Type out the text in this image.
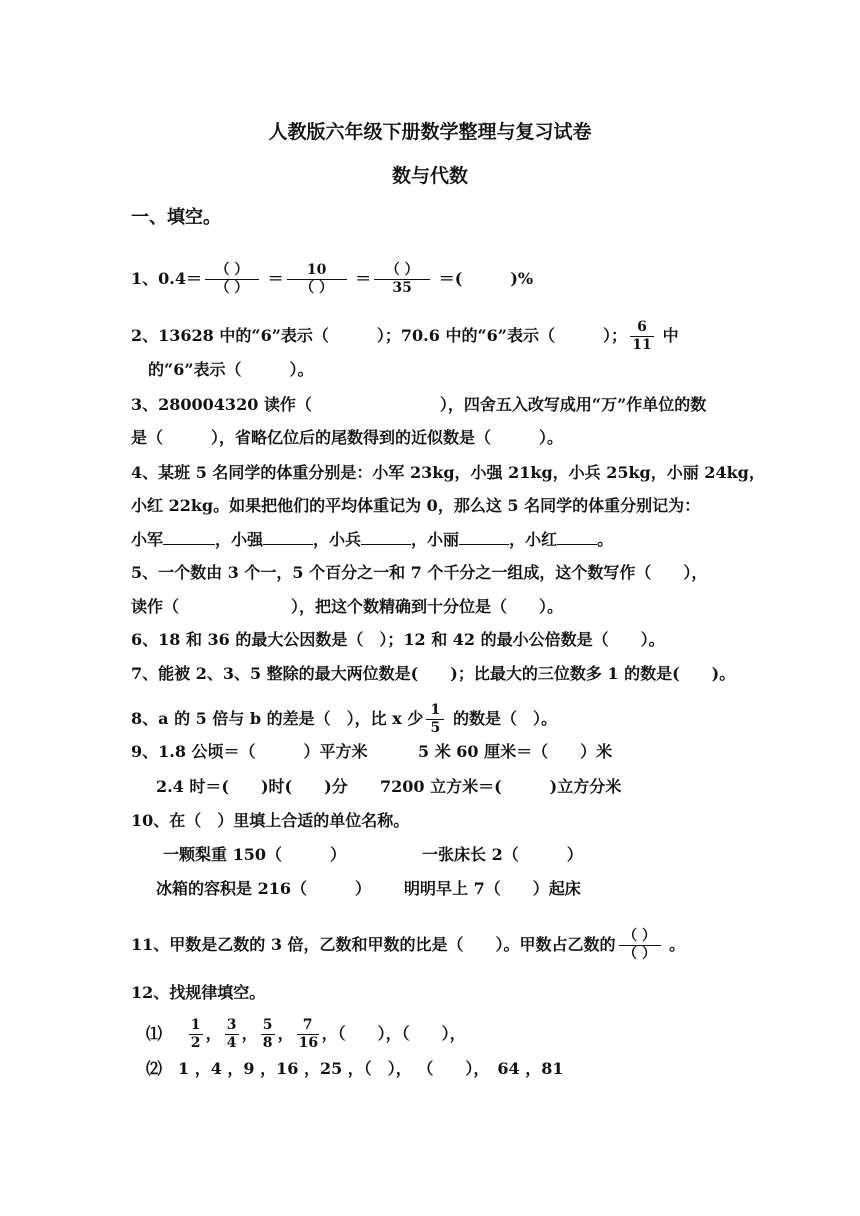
人教版六年级下册数学整理与复习试卷
数与代数
一、填空。
1、$0.4= \frac{( )}{( )} = \frac{10}{( )} = \frac{( )}{35}$ ＝(　　　)%
2、13628 中的“6”表示（　　　）；70.6 中的“6”表示（　　　）； $\frac{6}{11}$ 中
的“6”表示（　　　）。
3、280004320 读作（　　　　　　　　），四舍五入改写成用“万”作单位的数
是（　　　），省略亿位后的尾数得到的近似数是（　　　）。
4、某班 5 名同学的体重分别是：小军 23kg，小强 21kg，小兵 25kg，小丽 24kg，
小红 22kg。如果把他们的平均体重记为 0，那么这 5 名同学的体重分别记为：
小军	，小强	，小兵	，小丽	，小红	。
5、一个数由 3 个一，5 个百分之一和 7 个千分之一组成，这个数写作（　　），
读作（　　　　　　　），把这个数精确到十分位是（　　）。
6、18 和 36 的最大公因数是（　）；12 和 42 的最小公倍数是（　　）。
7、能被 2、3、5 整除的最大两位数是(　　)；比最大的三位数多 1 的数是(　　)。
8、a 的 5 倍与 b 的差是（　），比 x 少 $\frac{1}{5}$ 的数是（　）。
9、1.8 公顷＝（　　　）平方米	5 米 60 厘米＝（　　）米
2.4 时＝(　　)时(　　)分 7200 立方米＝(　　　)立方分米
10、在（　）里填上合适的单位名称。
一颗梨重 150（　　　）	一张床长 2（　　　）
冰箱的容积是 216（　　　） 明明早上 7（　　）起床
11、甲数是乙数的 3 倍，乙数和甲数的比是（　　）。甲数占乙数的 $\frac{( )}{( )}$ 。
12、找规律填空。
⑴ $\frac{1}{2}$ ， $\frac{3}{4}$ ， $\frac{5}{8}$ ， $\frac{7}{16}$ ，（　　），（　　），
⑵ 1 ，4 ，9 ，16 ，25 ，（　）， （　　），　64 ，81
